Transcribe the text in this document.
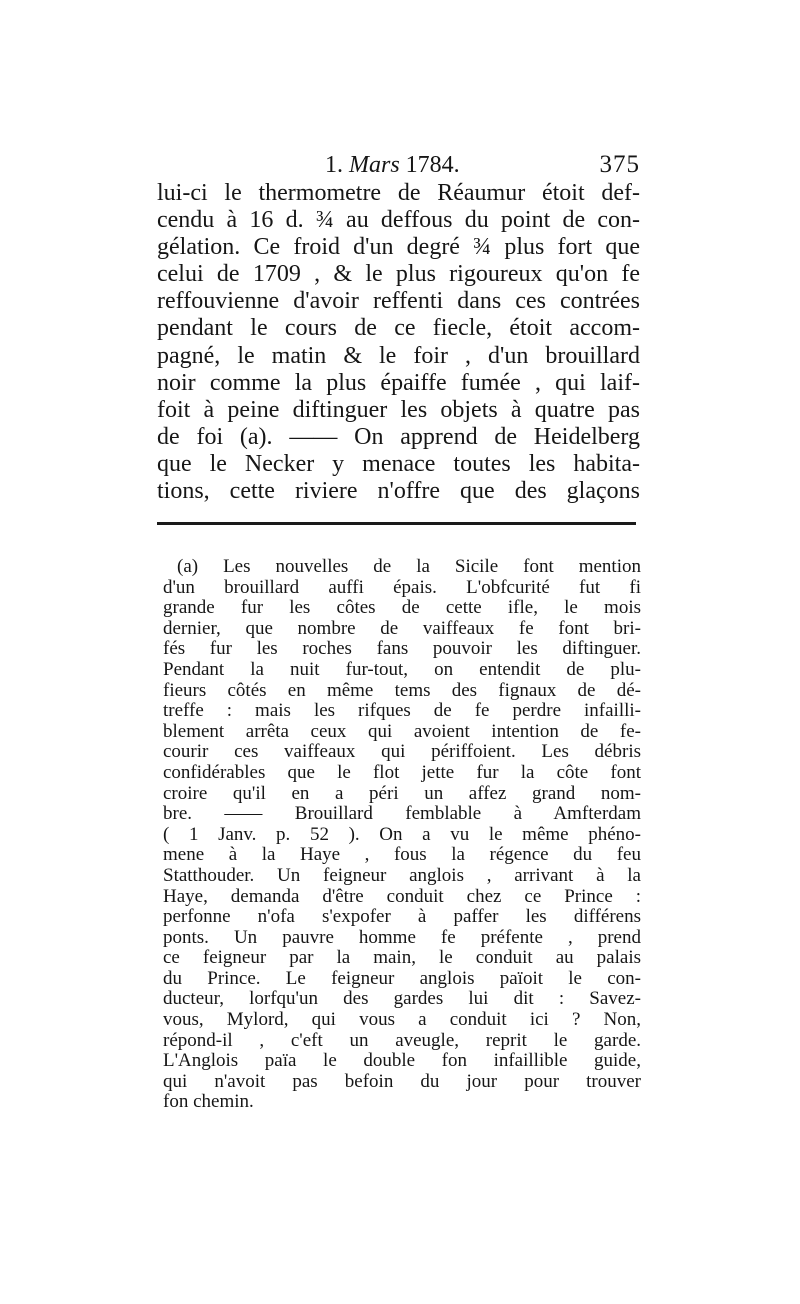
1. Mars 1784.	375
lui-ci le thermometre de Réaumur étoit def-
cendu à 16 d. ¾ au deffous du point de con-
gélation. Ce froid d'un degré ¾ plus fort que
celui de 1709 , & le plus rigoureux qu'on fe
reffouvienne d'avoir reffenti dans ces contrées
pendant le cours de ce fiecle, étoit accom-
pagné, le matin & le foir , d'un brouillard
noir comme la plus épaiffe fumée , qui laif-
foit à peine diftinguer les objets à quatre pas
de foi (a). —— On apprend de Heidelberg
que le Necker y menace toutes les habita-
tions, cette riviere n'offre que des glaçons
(a) Les nouvelles de la Sicile font mention
d'un brouillard auffi épais. L'obfcurité fut fi
grande fur les côtes de cette ifle, le mois
dernier, que nombre de vaiffeaux fe font bri-
fés fur les roches fans pouvoir les diftinguer.
Pendant la nuit fur-tout, on entendit de plu-
fieurs côtés en même tems des fignaux de dé-
treffe : mais les rifques de fe perdre infailli-
blement arrêta ceux qui avoient intention de fe-
courir ces vaiffeaux qui périffoient. Les débris
confidérables que le flot jette fur la côte font
croire qu'il en a péri un affez grand nom-
bre. —— Brouillard femblable à Amfterdam
( 1 Janv. p. 52 ). On a vu le même phéno-
mene à la Haye , fous la régence du feu
Statthouder. Un feigneur anglois , arrivant à la
Haye, demanda d'être conduit chez ce Prince :
perfonne n'ofa s'expofer à paffer les différens
ponts. Un pauvre homme fe préfente , prend
ce feigneur par la main, le conduit au palais
du Prince. Le feigneur anglois païoit le con-
ducteur, lorfqu'un des gardes lui dit : Savez-
vous, Mylord, qui vous a conduit ici ? Non,
répond-il , c'eft un aveugle, reprit le garde.
L'Anglois païa le double fon infaillible guide,
qui n'avoit pas befoin du jour pour trouver
fon chemin.
